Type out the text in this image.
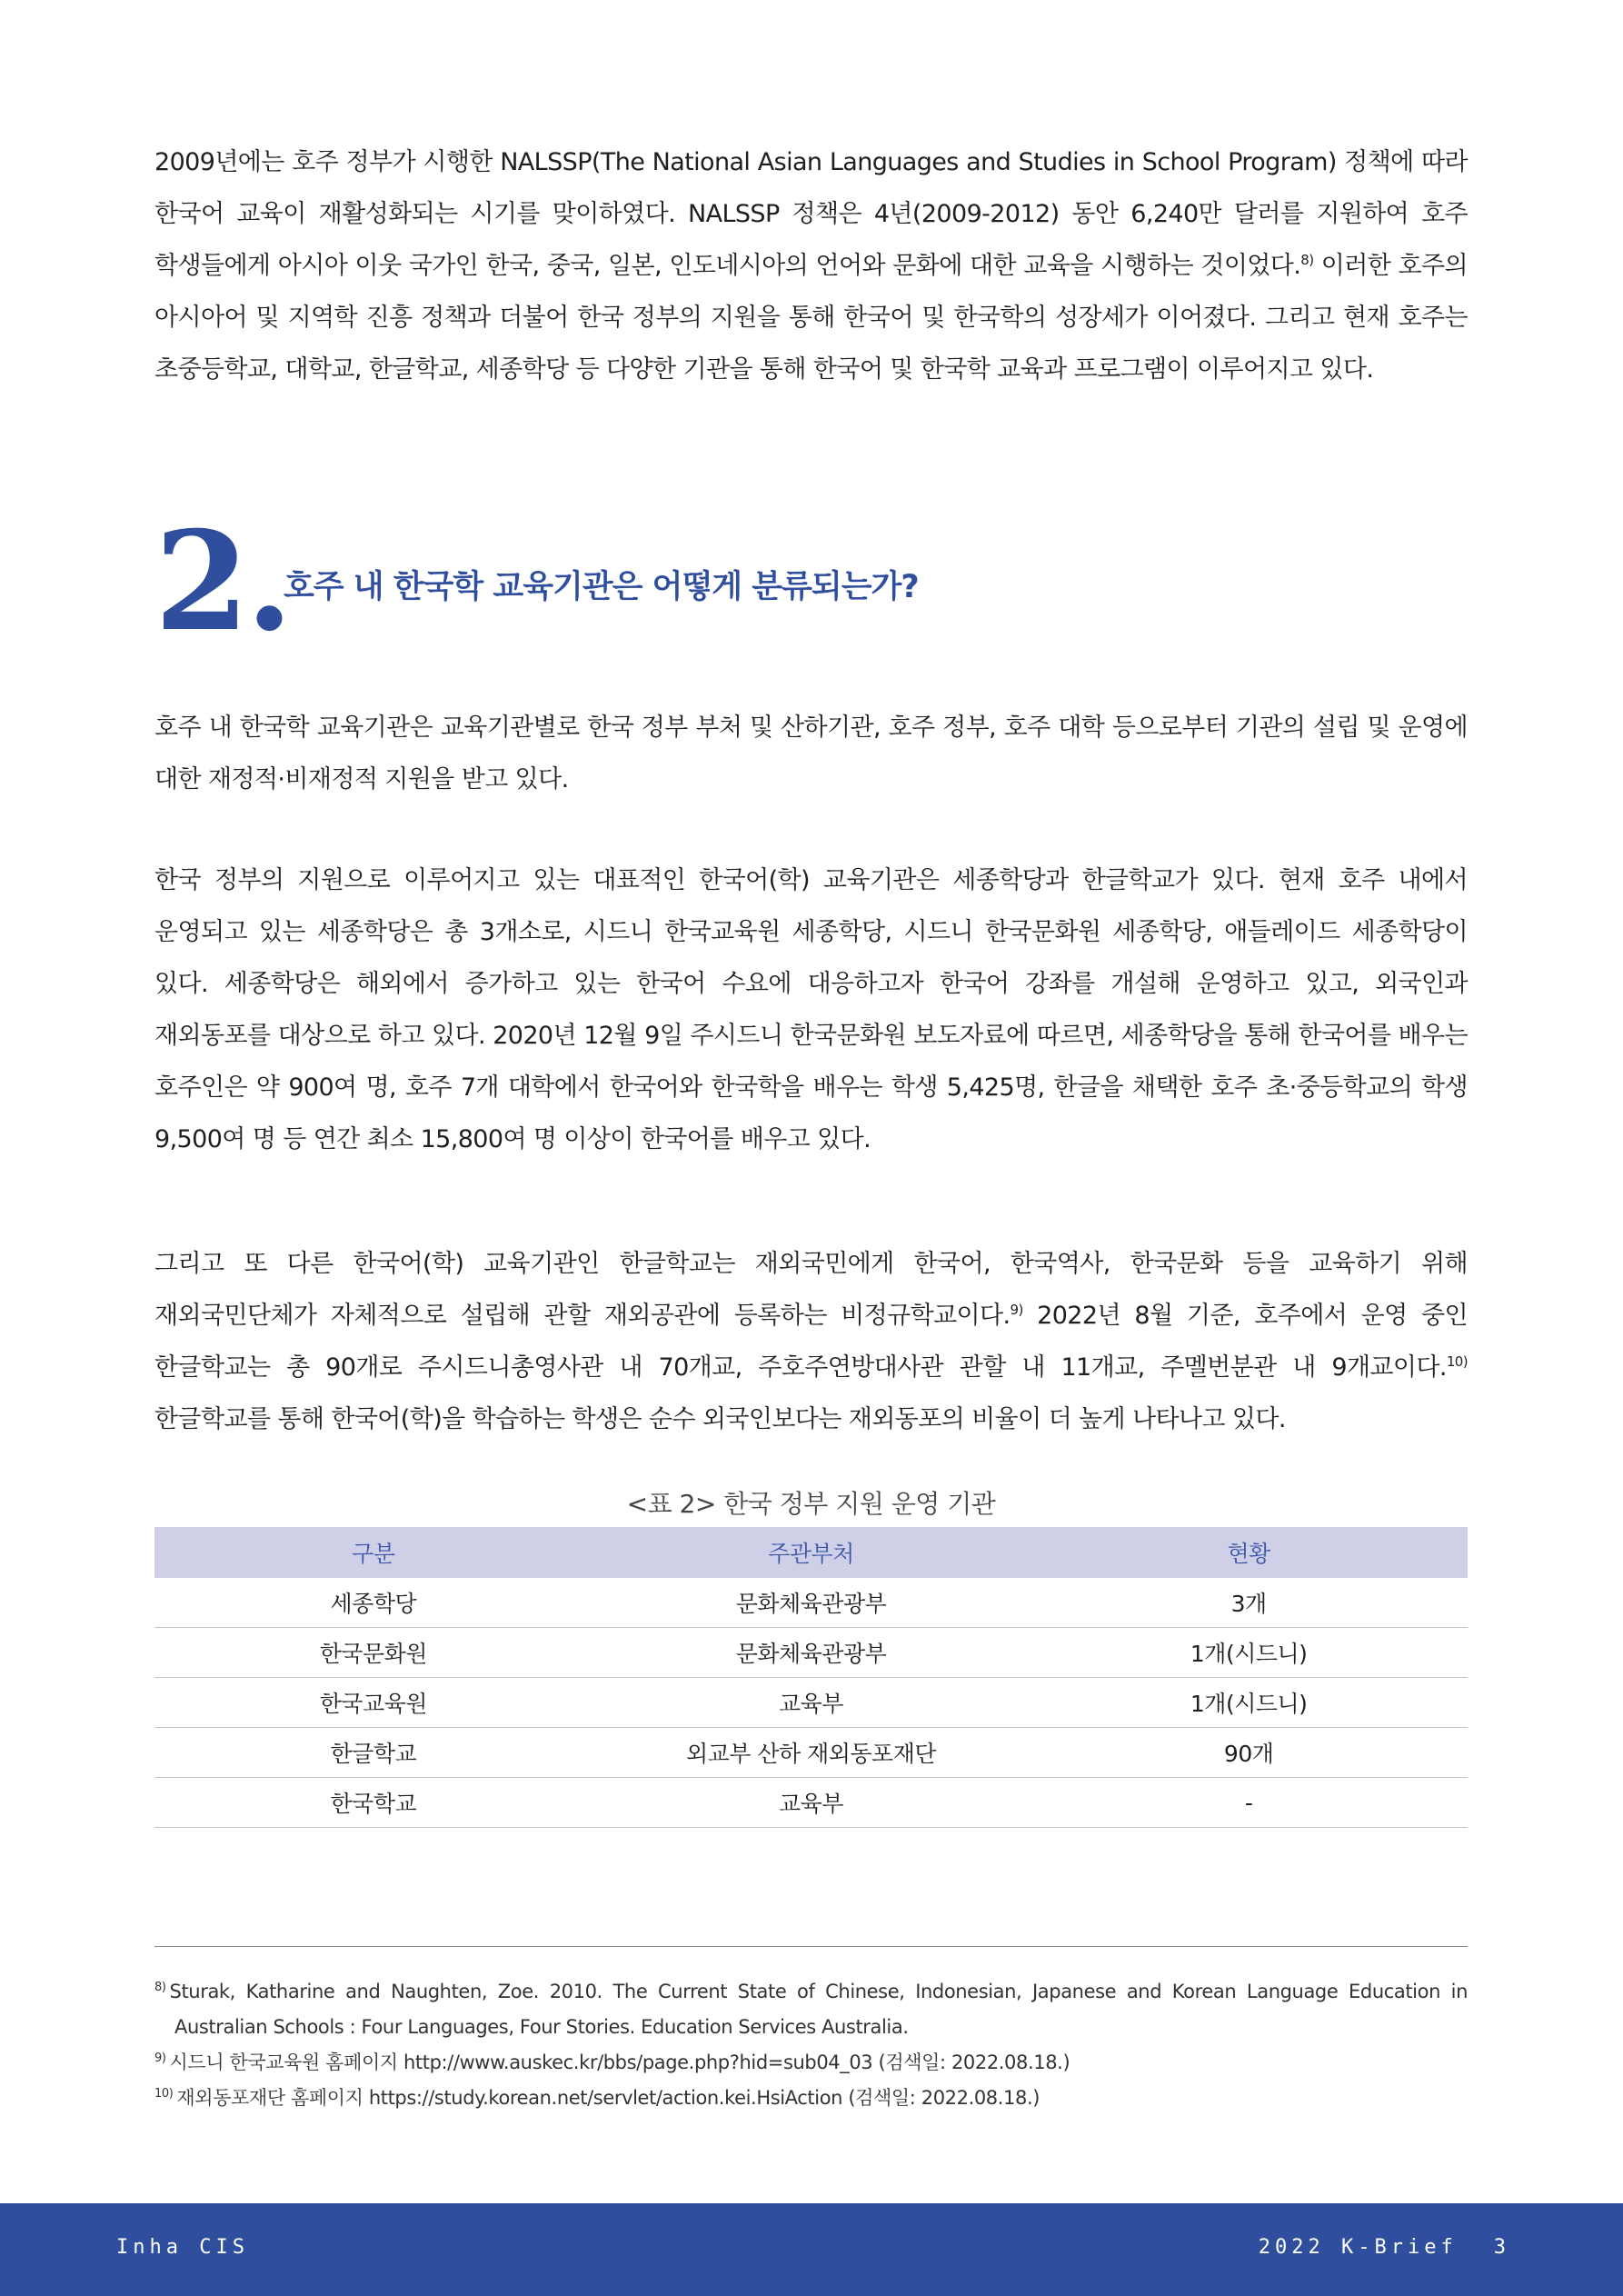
2009년에는 호주 정부가 시행한 NALSSP(The National Asian Languages and Studies in School Program) 정책에 따라 한국어 교육이 재활성화되는 시기를 맞이하였다. NALSSP 정책은 4년(2009-2012) 동안 6,240만 달러를 지원하여 호주 학생들에게 아시아 이웃 국가인 한국, 중국, 일본, 인도네시아의 언어와 문화에 대한 교육을 시행하는 것이었다.$^{8)}$ 이러한 호주의 아시아어 및 지역학 진흥 정책과 더불어 한국 정부의 지원을 통해 한국어 및 한국학의 성장세가 이어졌다. 그리고 현재 호주는 초중등학교, 대학교, 한글학교, 세종학당 등 다양한 기관을 통해 한국어 및 한국학 교육과 프로그램이 이루어지고 있다.

2.
호주 내 한국학 교육기관은 어떻게 분류되는가?

호주 내 한국학 교육기관은 교육기관별로 한국 정부 부처 및 산하기관, 호주 정부, 호주 대학 등으로부터 기관의 설립 및 운영에 대한 재정적·비재정적 지원을 받고 있다.

한국 정부의 지원으로 이루어지고 있는 대표적인 한국어(학) 교육기관은 세종학당과 한글학교가 있다. 현재 호주 내에서 운영되고 있는 세종학당은 총 3개소로, 시드니 한국교육원 세종학당, 시드니 한국문화원 세종학당, 애들레이드 세종학당이 있다. 세종학당은 해외에서 증가하고 있는 한국어 수요에 대응하고자 한국어 강좌를 개설해 운영하고 있고, 외국인과 재외동포를 대상으로 하고 있다. 2020년 12월 9일 주시드니 한국문화원 보도자료에 따르면, 세종학당을 통해 한국어를 배우는 호주인은 약 900여 명, 호주 7개 대학에서 한국어와 한국학을 배우는 학생 5,425명, 한글을 채택한 호주 초·중등학교의 학생 9,500여 명 등 연간 최소 15,800여 명 이상이 한국어를 배우고 있다.

그리고 또 다른 한국어(학) 교육기관인 한글학교는 재외국민에게 한국어, 한국역사, 한국문화 등을 교육하기 위해 재외국민단체가 자체적으로 설립해 관할 재외공관에 등록하는 비정규학교이다.$^{9)}$ 2022년 8월 기준, 호주에서 운영 중인 한글학교는 총 90개로 주시드니총영사관 내 70개교, 주호주연방대사관 관할 내 11개교, 주멜번분관 내 9개교이다.$^{10)}$ 한글학교를 통해 한국어(학)을 학습하는 학생은 순수 외국인보다는 재외동포의 비율이 더 높게 나타나고 있다.

<표 2> 한국 정부 지원 운영 기관
구분	주관부처	현황
세종학당	문화체육관광부	3개
한국문화원	문화체육관광부	1개(시드니)
한국교육원	교육부	1개(시드니)
한글학교	외교부 산하 재외동포재단	90개
한국학교	교육부	-
$^{8)}$ Sturak, Katharine and Naughten, Zoe. 2010. The Current State of Chinese, Indonesian, Japanese and Korean Language Education in Australian Schools : Four Languages, Four Stories. Education Services Australia.
$^{9)}$ 시드니 한국교육원 홈페이지 http://www.auskec.kr/bbs/page.php?hid=sub04_03 (검색일: 2022.08.18.)
$^{10)}$ 재외동포재단 홈페이지 https://study.korean.net/servlet/action.kei.HsiAction (검색일: 2022.08.18.)
Inha CIS	2022 K-Brief 3
